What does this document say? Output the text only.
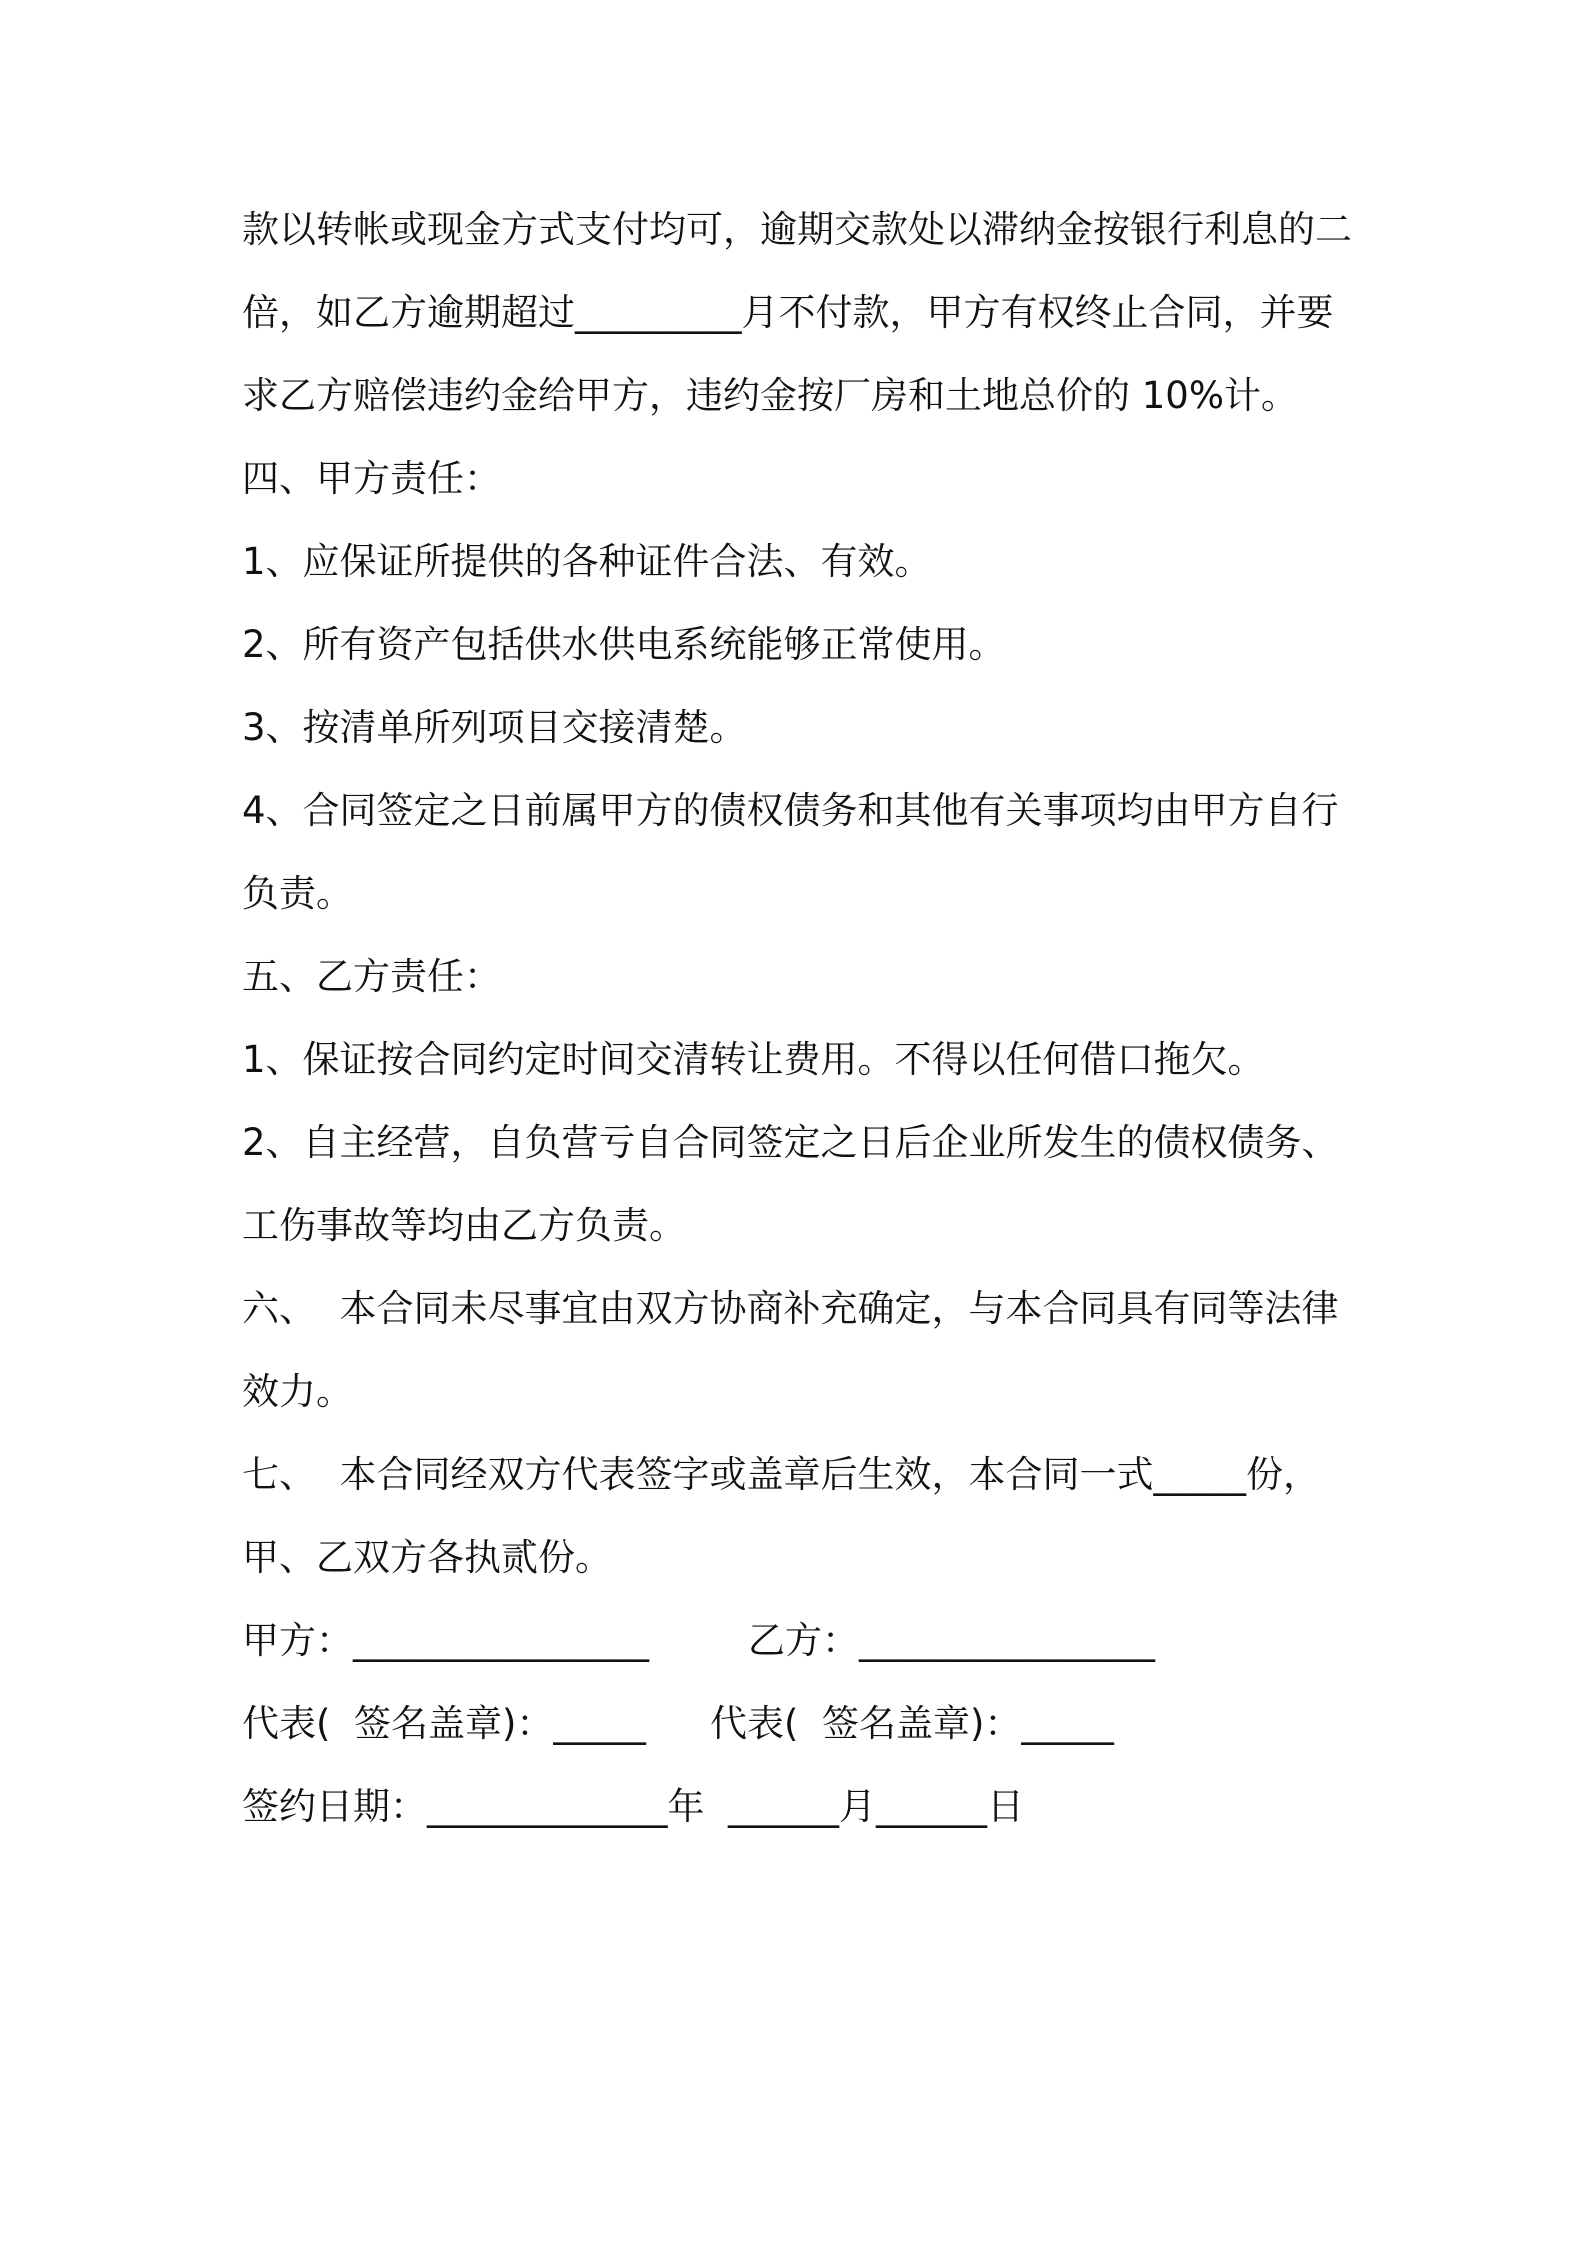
款以转帐或现金方式支付均可，逾期交款处以滞纳金按银行利息的二
倍，如乙方逾期超过_________月不付款，甲方有权终止合同，并要
求乙方赔偿违约金给甲方，违约金按厂房和土地总价的 10%计。
四、甲方责任：
1、应保证所提供的各种证件合法、有效。
2、所有资产包括供水供电系统能够正常使用。
3、按清单所列项目交接清楚。
4、合同签定之日前属甲方的债权债务和其他有关事项均由甲方自行
负责。
五、乙方责任：
1、保证按合同约定时间交清转让费用。不得以任何借口拖欠。
2、自主经营，自负营亏自合同签定之日后企业所发生的债权债务、
工伤事故等均由乙方负责。
六、  本合同未尽事宜由双方协商补充确定，与本合同具有同等法律
效力。
七、  本合同经双方代表签字或盖章后生效，本合同一式_____份，
甲、乙双方各执贰份。
甲方：________________	乙方：________________
代表(  签名盖章)：_____ 代表(  签名盖章)：_____
签约日期：_____________年  ______月______日
